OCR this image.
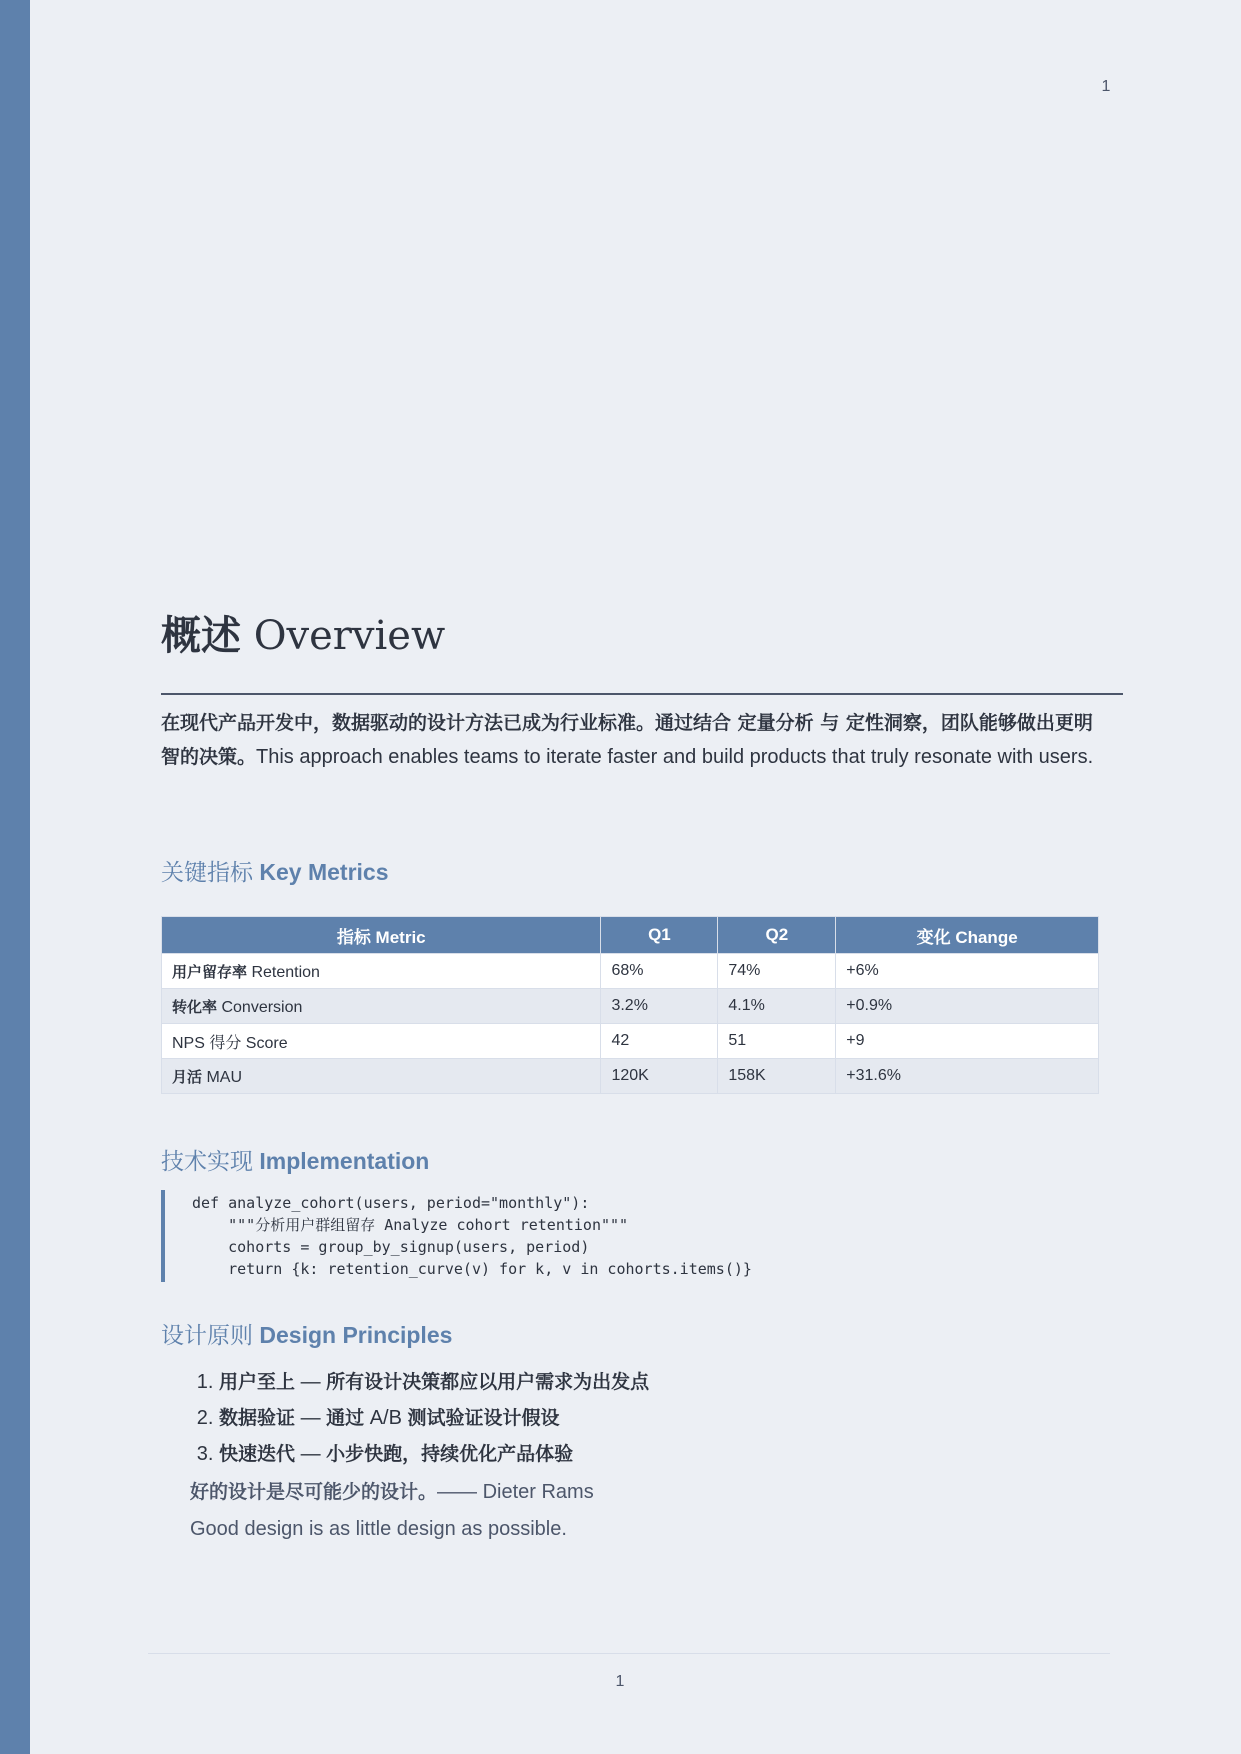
1
概述 Overview

在现代产品开发中，数据驱动的设计方法已成为行业标准。通过结合 定量分析 与 定性洞察，团队能够做出更明智的决策。This approach enables teams to iterate faster and build products that truly resonate with users.

关键指标 Key Metrics
指标 Metric	Q1	Q2	变化 Change
用户留存率 Retention	68%	74%	+6%
转化率 Conversion	3.2%	4.1%	+0.9%
NPS 得分 Score	42	51	+9
月活 MAU	120K	158K	+31.6%
技术实现 Implementation
def analyze_cohort(users, period="monthly"):
"""分析用户群组留存 Analyze cohort retention"""
cohorts = group_by_signup(users, period)
return {k: retention_curve(v) for k, v in cohorts.items()}
设计原则 Design Principles
1. 用户至上 — 所有设计决策都应以用户需求为出发点
2. 数据验证 — 通过 A/B 测试验证设计假设
3. 快速迭代 — 小步快跑，持续优化产品体验

好的设计是尽可能少的设计。—— Dieter Rams

Good design is as little design as possible.

1
